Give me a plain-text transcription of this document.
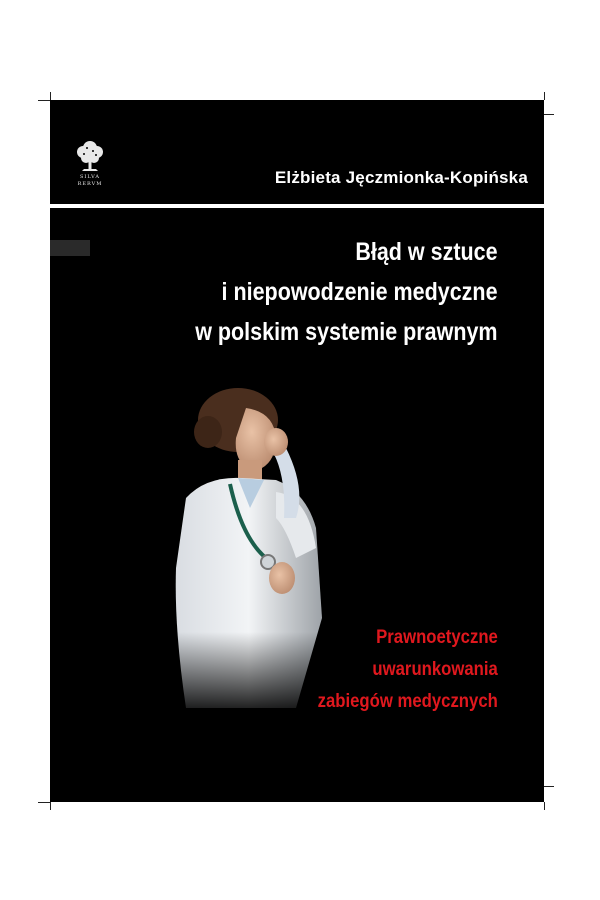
SILVA
RERVM	Elżbieta Jęczmionka-Kopińska
Błąd w sztuce
i niepowodzenie medyczne
w polskim systemie prawnym
Prawnoetyczne
uwarunkowania
zabiegów medycznych
